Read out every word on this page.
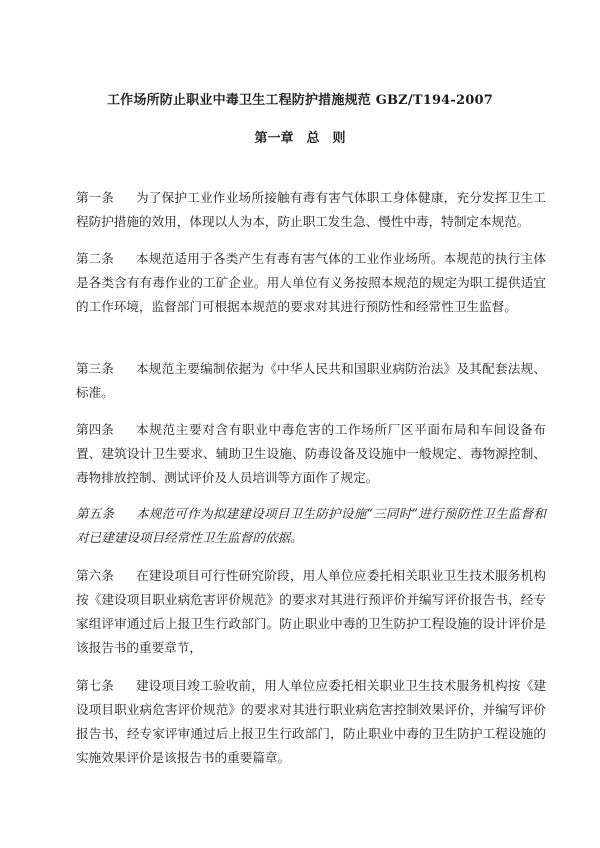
工作场所防止职业中毒卫生工程防护措施规范 GBZ/T194-2007
第一章　总　则
第一条	为了保护工业作业场所接触有毒有害气体职工身体健康，充分发挥卫生工程防护措施的效用，体现以人为本，防止职工发生急、慢性中毒，特制定本规范。
第二条	本规范适用于各类产生有毒有害气体的工业作业场所。本规范的执行主体是各类含有有毒作业的工矿企业。用人单位有义务按照本规范的规定为职工提供适宜的工作环境，监督部门可根据本规范的要求对其进行预防性和经常性卫生监督。
第三条	本规范主要编制依据为《中华人民共和国职业病防治法》及其配套法规、标准。
第四条	本规范主要对含有职业中毒危害的工作场所厂区平面布局和车间设备布置、建筑设计卫生要求、辅助卫生设施、防毒设备及设施中一般规定、毒物源控制、毒物排放控制、测试评价及人员培训等方面作了规定。
第五条	本规范可作为拟建建设项目卫生防护设施“三同时”进行预防性卫生监督和对已建建设项目经常性卫生监督的依据。
第六条	在建设项目可行性研究阶段，用人单位应委托相关职业卫生技术服务机构按《建设项目职业病危害评价规范》的要求对其进行预评价并编写评价报告书，经专家组评审通过后上报卫生行政部门。防止职业中毒的卫生防护工程设施的设计评价是该报告书的重要章节，
第七条	建设项目竣工验收前，用人单位应委托相关职业卫生技术服务机构按《建设项目职业病危害评价规范》的要求对其进行职业病危害控制效果评价，并编写评价报告书，经专家评审通过后上报卫生行政部门，防止职业中毒的卫生防护工程设施的实施效果评价是该报告书的重要篇章。
